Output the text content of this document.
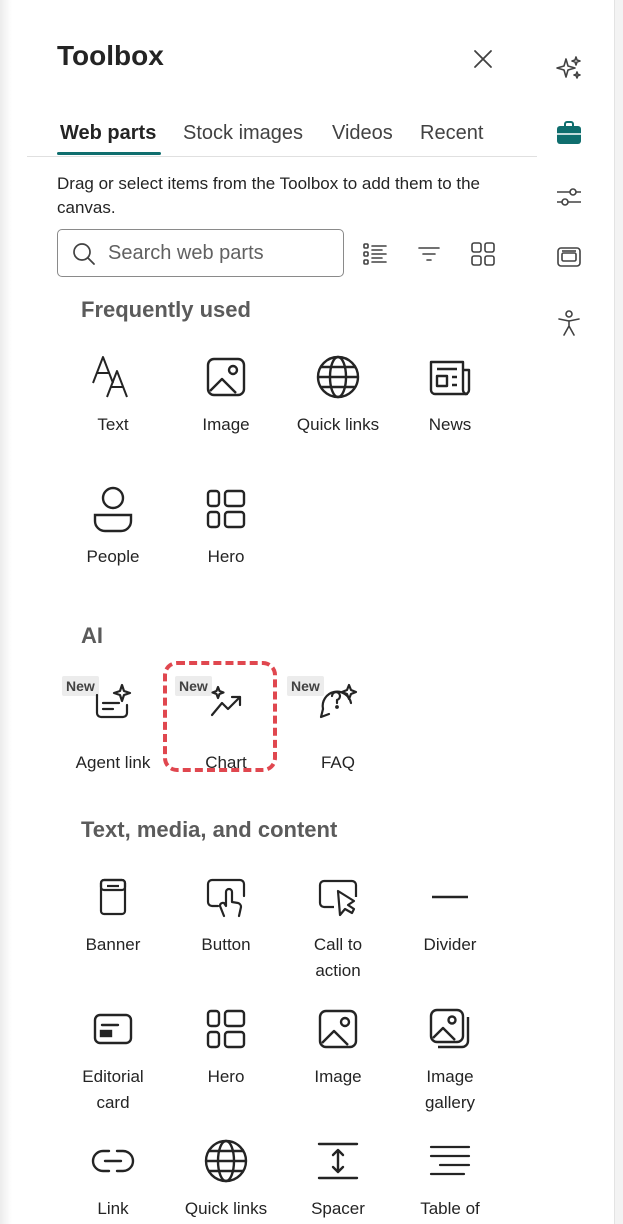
Toolbox
Web parts Stock images Videos Recent
Drag or select items from the Toolbox to add them to the canvas.
Search web parts
Frequently used
Text	Image	Quick links	News
People	Hero
AI
New
Agent link
New
Chart
New
FAQ
Text, media, and content
Banner	Button	Call to
action
Divider

Editorial
card
Hero	Image	Image
gallery
Link	Quick links	Spacer	Table of
